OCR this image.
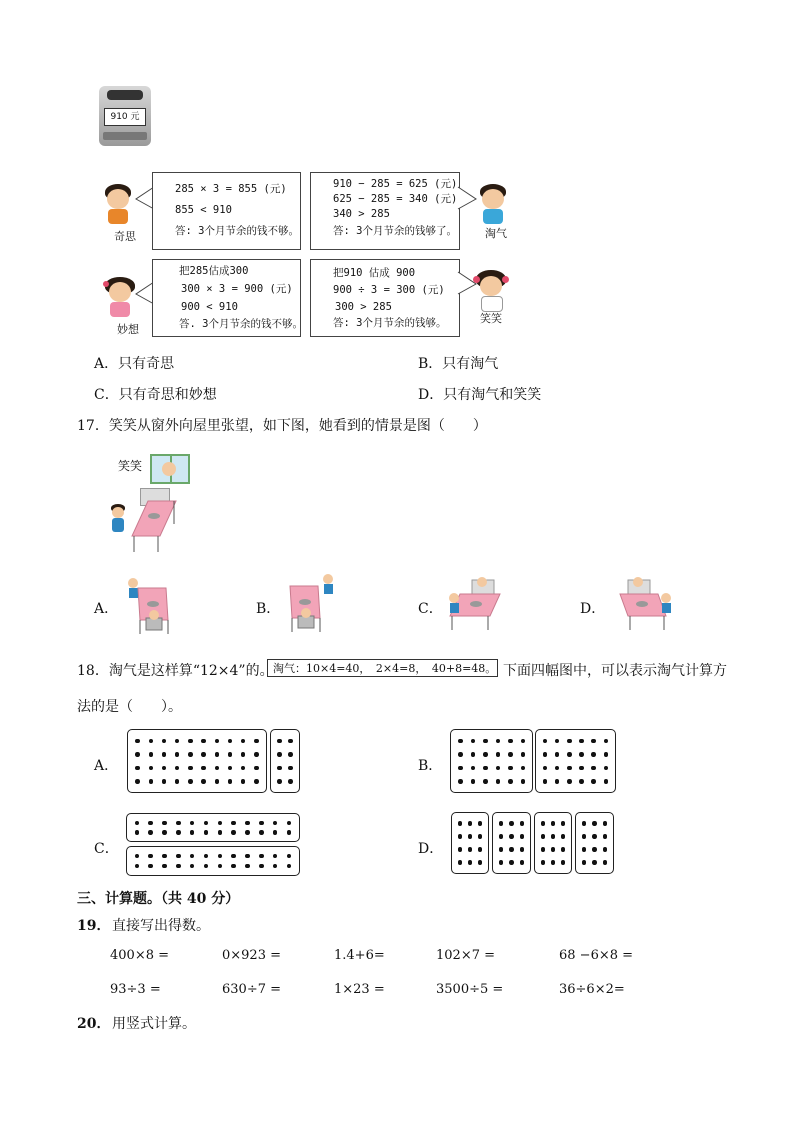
910 元
奇思
285 × 3 = 855 (元)
855 < 910
答: 3个月节余的钱不够。
910 − 285 = 625 (元)
625 − 285 = 340 (元)
340 > 285
答: 3个月节余的钱够了。	淘气
妙想
把285估成300
300 × 3 = 900 (元)
900 < 910
答. 3个月节余的钱不够。
把910 估成 900
900 ÷ 3 = 300 (元)
300 > 285
答: 3个月节余的钱够。	笑笑
A．只有奇思	B．只有淘气
C．只有奇思和妙想	D．只有淘气和笑笑
17．笑笑从窗外向屋里张望，如下图，她看到的情景是图（　　）
笑笑
A．	B．	C．	D．
18．淘气是这样算“12×4”的。 淘气：10×4=40，　2×4=8，　40+8=48。 下面四幅图中，可以表示淘气计算方
法的是（　　）。
A．	B．
C．	D．
三、计算题。（共 40 分）
19． 直接写出得数。
400×8 =	0×923 =	1.4+6=	102×7 =	68 −6×8 =
93÷3 =	630÷7 =	1×23 =	3500÷5 =	36÷6×2=
20． 用竖式计算。
